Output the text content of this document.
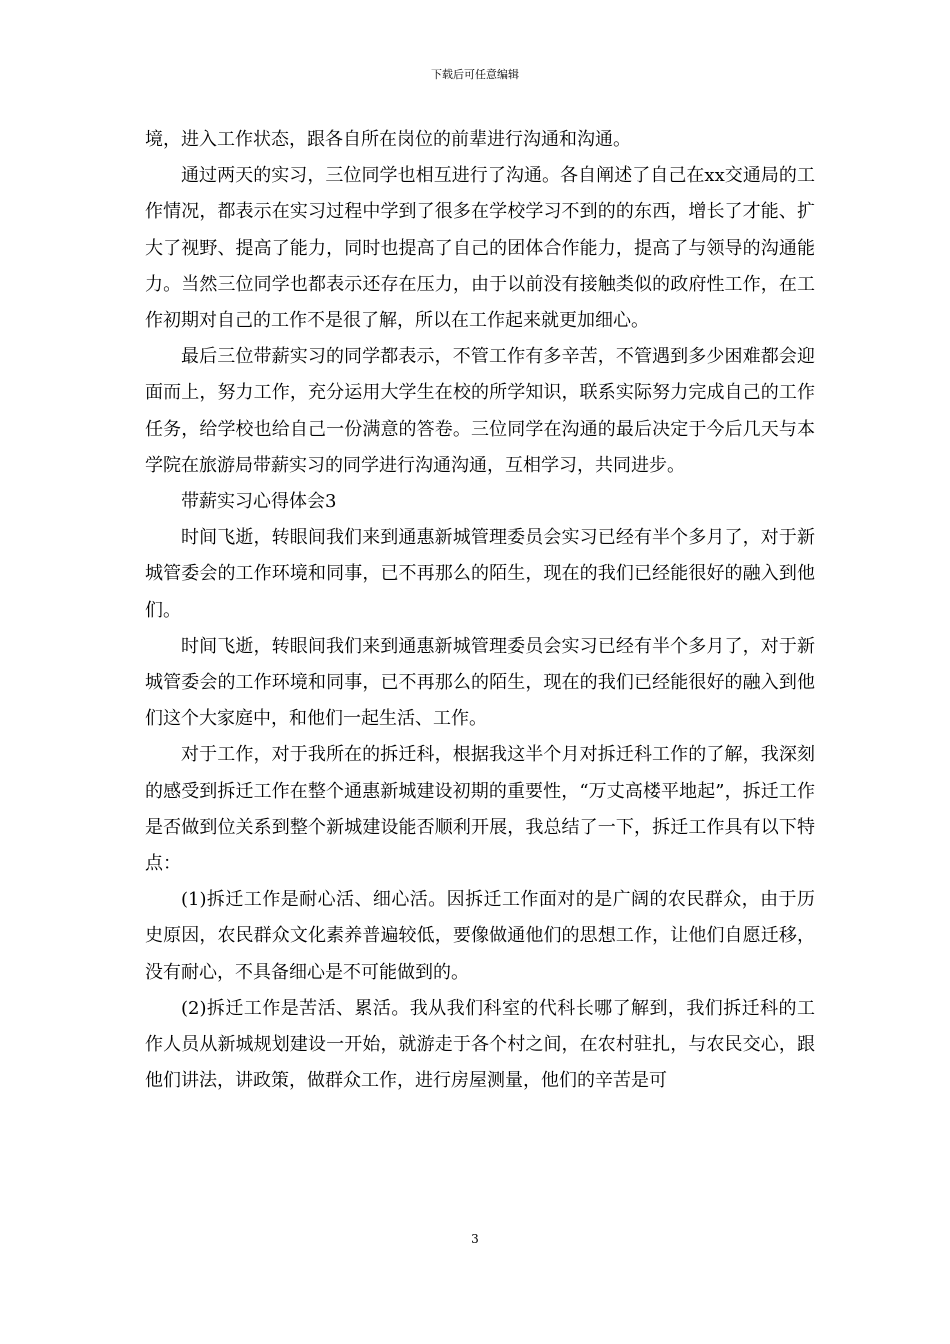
下载后可任意编辑

境，进入工作状态，跟各自所在岗位的前辈进行沟通和沟通。

通过两天的实习，三位同学也相互进行了沟通。各自阐述了自己在xx交通局的工作情况，都表示在实习过程中学到了很多在学校学习不到的的东西，增长了才能、扩大了视野、提高了能力，同时也提高了自己的团体合作能力，提高了与领导的沟通能力。当然三位同学也都表示还存在压力，由于以前没有接触类似的政府性工作，在工作初期对自己的工作不是很了解，所以在工作起来就更加细心。

最后三位带薪实习的同学都表示，不管工作有多辛苦，不管遇到多少困难都会迎面而上，努力工作，充分运用大学生在校的所学知识，联系实际努力完成自己的工作任务，给学校也给自己一份满意的答卷。三位同学在沟通的最后决定于今后几天与本学院在旅游局带薪实习的同学进行沟通沟通，互相学习，共同进步。

带薪实习心得体会3

时间飞逝，转眼间我们来到通惠新城管理委员会实习已经有半个多月了，对于新城管委会的工作环境和同事，已不再那么的陌生，现在的我们已经能很好的融入到他们。

时间飞逝，转眼间我们来到通惠新城管理委员会实习已经有半个多月了，对于新城管委会的工作环境和同事，已不再那么的陌生，现在的我们已经能很好的融入到他们这个大家庭中，和他们一起生活、工作。

对于工作，对于我所在的拆迁科，根据我这半个月对拆迁科工作的了解，我深刻的感受到拆迁工作在整个通惠新城建设初期的重要性，“万丈高楼平地起”，拆迁工作是否做到位关系到整个新城建设能否顺利开展，我总结了一下，拆迁工作具有以下特点：

(1)拆迁工作是耐心活、细心活。因拆迁工作面对的是广阔的农民群众，由于历史原因，农民群众文化素养普遍较低，要像做通他们的思想工作，让他们自愿迁移，没有耐心，不具备细心是不可能做到的。

(2)拆迁工作是苦活、累活。我从我们科室的代科长哪了解到，我们拆迁科的工作人员从新城规划建设一开始，就游走于各个村之间，在农村驻扎，与农民交心，跟他们讲法，讲政策，做群众工作，进行房屋测量，他们的辛苦是可

3
